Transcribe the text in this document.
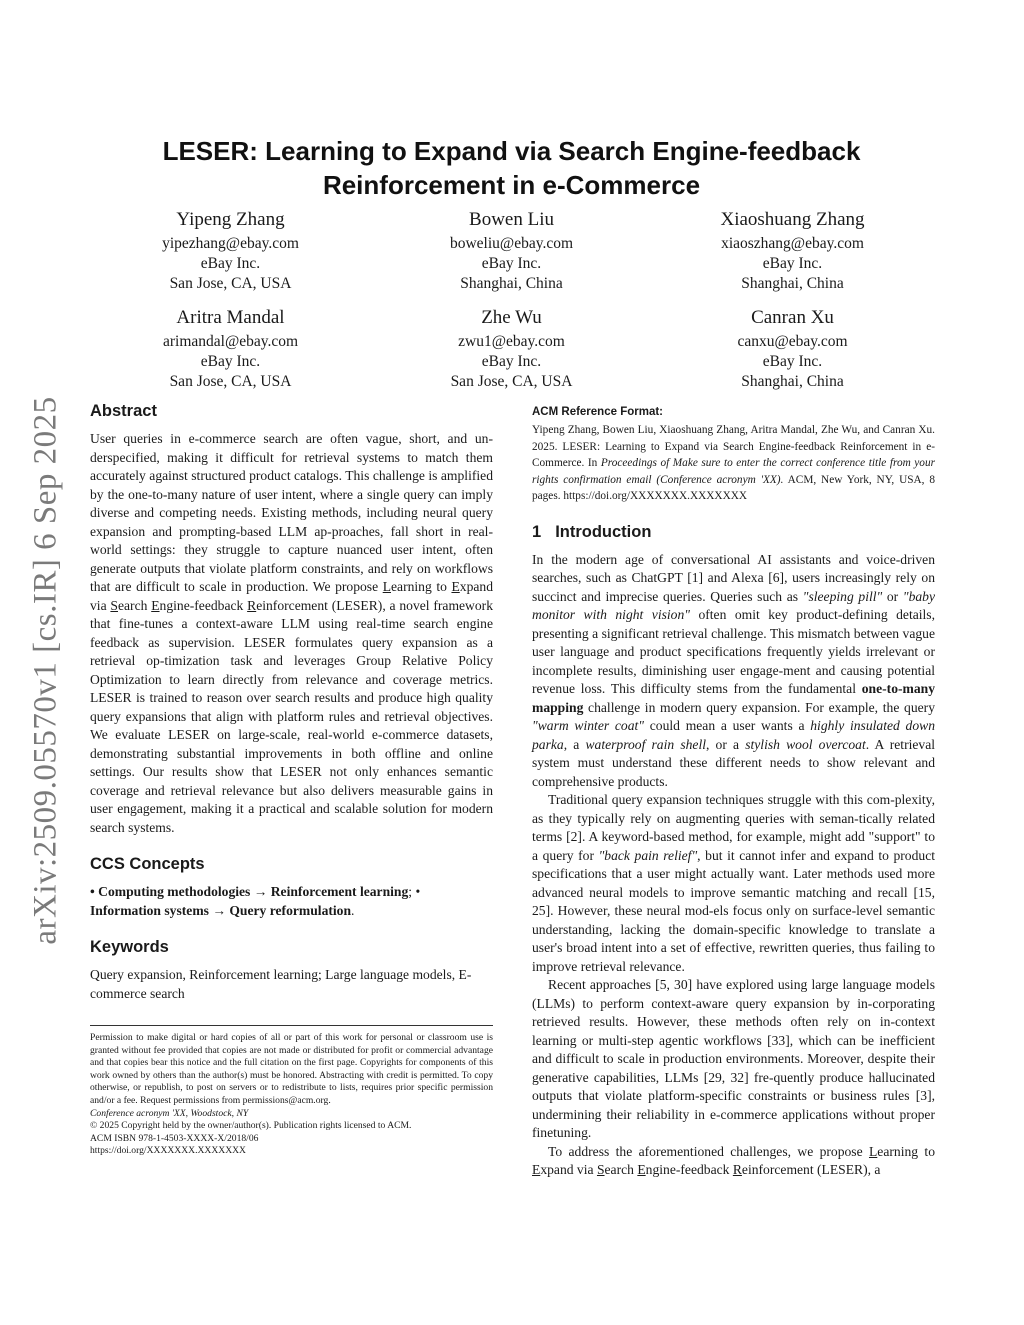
arXiv:2509.05570v1 [cs.IR] 6 Sep 2025
LESER: Learning to Expand via Search Engine-feedback
Reinforcement in e-Commerce
Yipeng Zhang
yipezhang@ebay.com
eBay Inc.
San Jose, CA, USA
Bowen Liu
boweliu@ebay.com
eBay Inc.
Shanghai, China
Xiaoshuang Zhang
xiaoszhang@ebay.com
eBay Inc.
Shanghai, China
Aritra Mandal
arimandal@ebay.com
eBay Inc.
San Jose, CA, USA
Zhe Wu
zwu1@ebay.com
eBay Inc.
San Jose, CA, USA
Canran Xu
canxu@ebay.com
eBay Inc.
Shanghai, China
Abstract

User queries in e-commerce search are often vague, short, and un-derspecified, making it difficult for retrieval systems to match them accurately against structured product catalogs. This challenge is amplified by the one-to-many nature of user intent, where a single query can imply diverse and competing needs. Existing methods, including neural query expansion and prompting-based LLM ap-proaches, fall short in real-world settings: they struggle to capture nuanced user intent, often generate outputs that violate platform constraints, and rely on workflows that are difficult to scale in production. We propose Learning to Expand via Search Engine-feedback Reinforcement (LESER), a novel framework that fine-tunes a context-aware LLM using real-time search engine feedback as supervision. LESER formulates query expansion as a retrieval op-timization task and leverages Group Relative Policy Optimization to learn directly from relevance and coverage metrics. LESER is trained to reason over search results and produce high quality query expansions that align with platform rules and retrieval objectives. We evaluate LESER on large-scale, real-world e-commerce datasets, demonstrating substantial improvements in both offline and online settings. Our results show that LESER not only enhances semantic coverage and retrieval relevance but also delivers measurable gains in user engagement, making it a practical and scalable solution for modern search systems.

CCS Concepts

• Computing methodologies → Reinforcement learning; •
Information systems → Query reformulation.

Keywords

Query expansion, Reinforcement learning; Large language models, E-commerce search

Permission to make digital or hard copies of all or part of this work for personal or classroom use is granted without fee provided that copies are not made or distributed for profit or commercial advantage and that copies bear this notice and the full citation on the first page. Copyrights for components of this work owned by others than the author(s) must be honored. Abstracting with credit is permitted. To copy otherwise, or republish, to post on servers or to redistribute to lists, requires prior specific permission and/or a fee. Request permissions from permissions@acm.org.

Conference acronym 'XX, Woodstock, NY

© 2025 Copyright held by the owner/author(s). Publication rights licensed to ACM.

ACM ISBN 978-1-4503-XXXX-X/2018/06

https://doi.org/XXXXXXX.XXXXXXX

ACM Reference Format:

Yipeng Zhang, Bowen Liu, Xiaoshuang Zhang, Aritra Mandal, Zhe Wu, and Canran Xu. 2025. LESER: Learning to Expand via Search Engine-feedback Reinforcement in e-Commerce. In Proceedings of Make sure to enter the correct conference title from your rights confirmation email (Conference acronym 'XX). ACM, New York, NY, USA, 8 pages. https://doi.org/XXXXXXX.XXXXXXX

1 Introduction

In the modern age of conversational AI assistants and voice-driven searches, such as ChatGPT [1] and Alexa [6], users increasingly rely on succinct and imprecise queries. Queries such as "sleeping pill" or "baby monitor with night vision" often omit key product-defining details, presenting a significant retrieval challenge. This mismatch between vague user language and product specifications frequently yields irrelevant or incomplete results, diminishing user engage-ment and causing potential revenue loss. This difficulty stems from the fundamental one-to-many mapping challenge in modern query expansion. For example, the query "warm winter coat" could mean a user wants a highly insulated down parka, a waterproof rain shell, or a stylish wool overcoat. A retrieval system must understand these different needs to show relevant and comprehensive products.

Traditional query expansion techniques struggle with this com-plexity, as they typically rely on augmenting queries with seman-tically related terms [2]. A keyword-based method, for example, might add "support" to a query for "back pain relief", but it cannot infer and expand to product specifications that a user might actually want. Later methods used more advanced neural models to improve semantic matching and recall [15, 25]. However, these neural mod-els focus only on surface-level semantic understanding, lacking the domain-specific knowledge to translate a user's broad intent into a set of effective, rewritten queries, thus failing to improve retrieval relevance.

Recent approaches [5, 30] have explored using large language models (LLMs) to perform context-aware query expansion by in-corporating retrieved results. However, these methods often rely on in-context learning or multi-step agentic workflows [33], which can be inefficient and difficult to scale in production environments. Moreover, despite their generative capabilities, LLMs [29, 32] fre-quently produce hallucinated outputs that violate platform-specific constraints or business rules [3], undermining their reliability in e-commerce applications without proper finetuning.

To address the aforementioned challenges, we propose Learning to Expand via Search Engine-feedback Reinforcement (LESER), a
